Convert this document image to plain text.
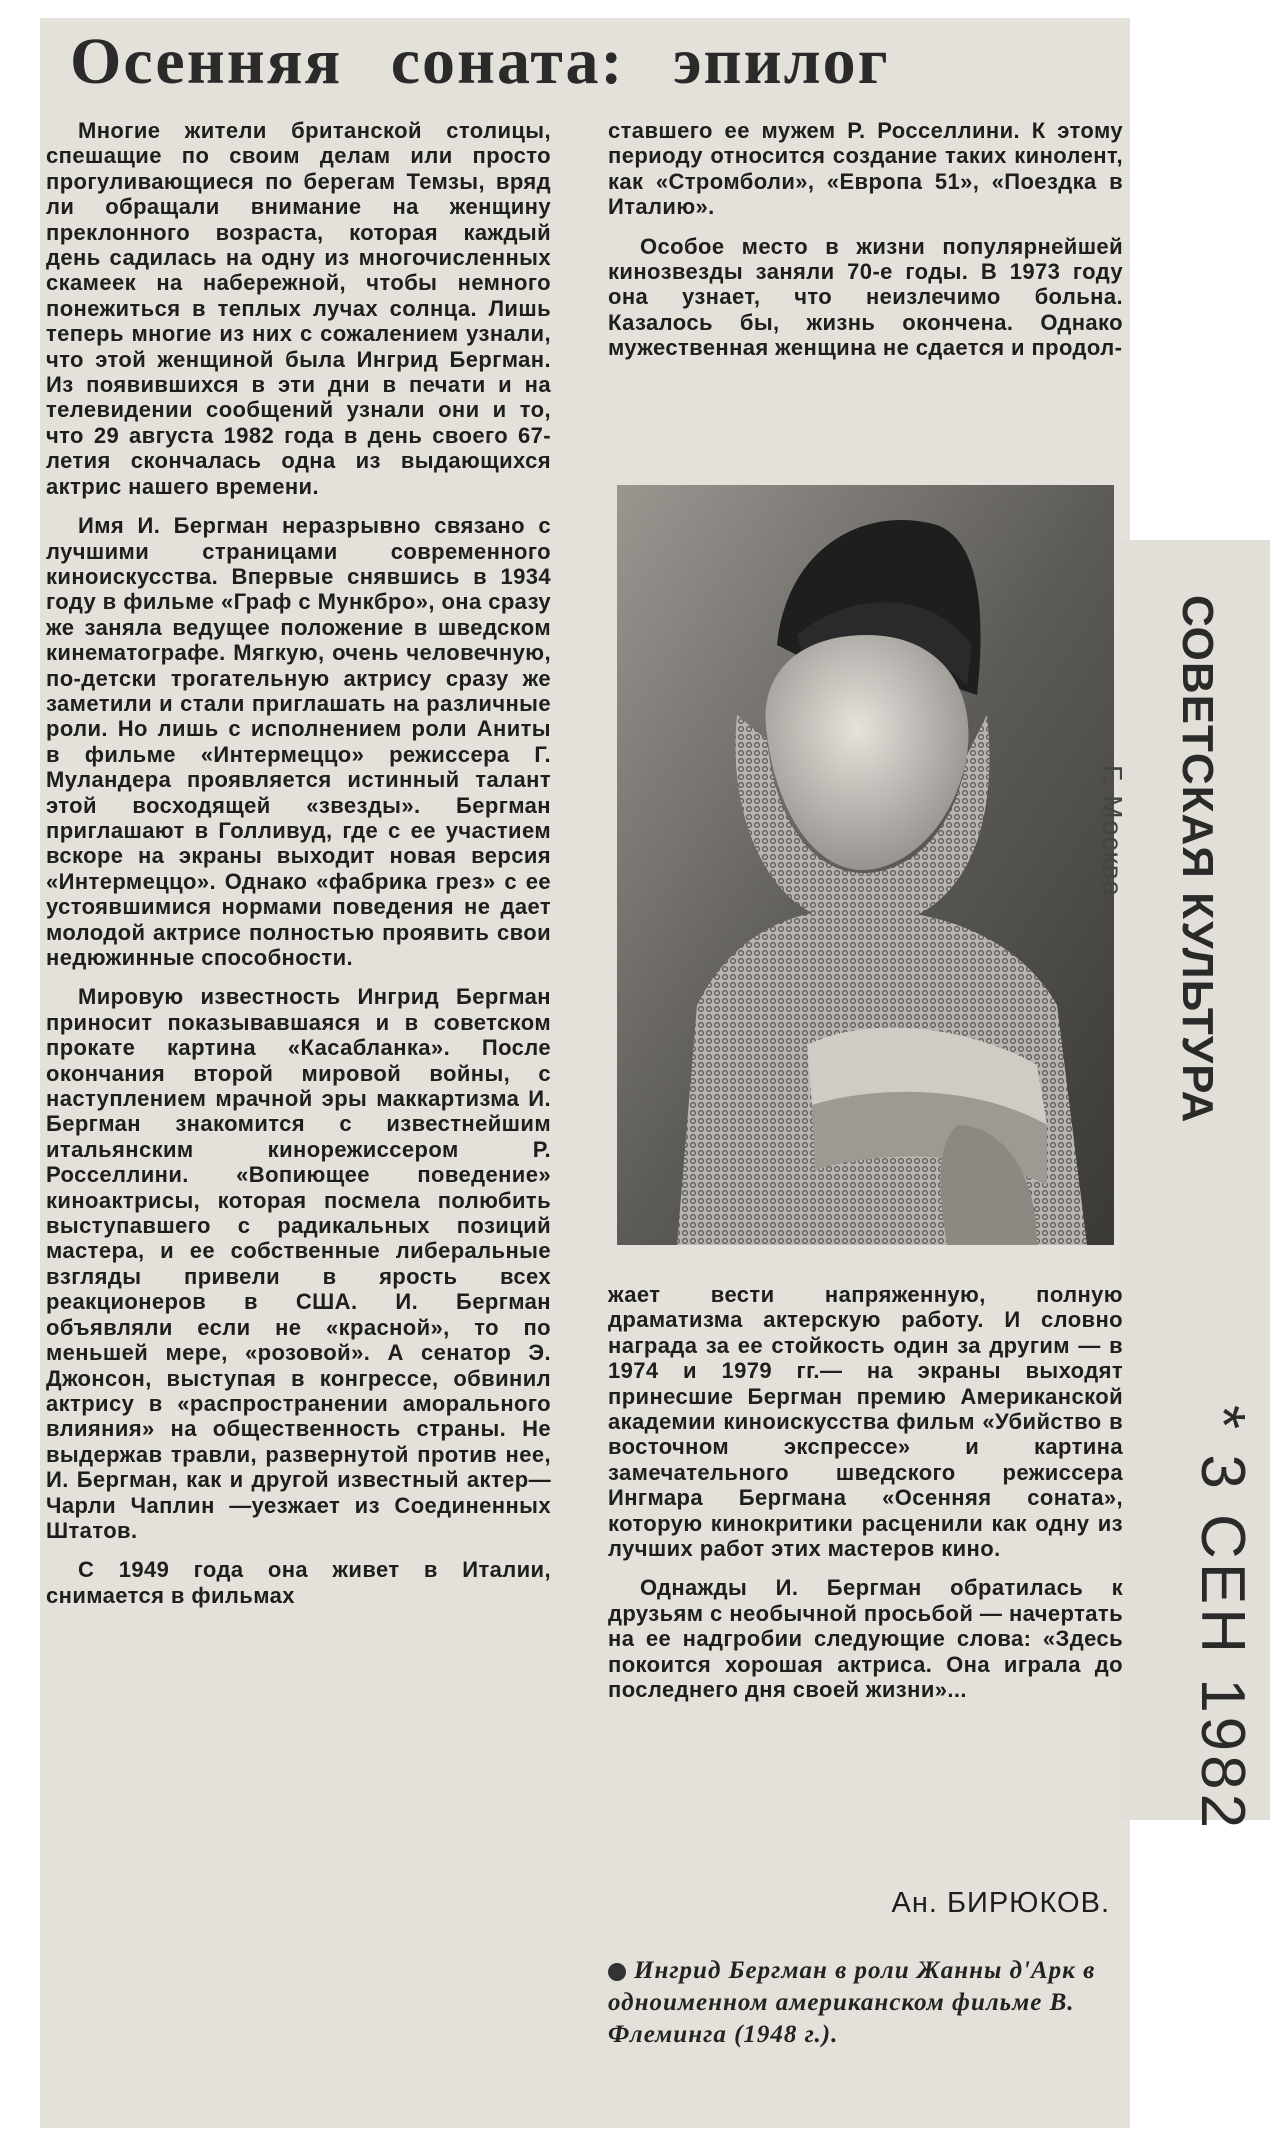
Осенняя соната: эпилог

Многие жители британской столицы, спешащие по своим делам или просто прогуливающиеся по берегам Темзы, вряд ли обращали внимание на женщину преклонного возраста, которая каждый день садилась на одну из многочисленных скамеек на набережной, чтобы немного понежиться в теплых лучах солнца. Лишь теперь многие из них с сожалением узнали, что этой женщиной была Ингрид Бергман. Из появившихся в эти дни в печати и на телевидении сообщений узнали они и то, что 29 августа 1982 года в день своего 67-летия скончалась одна из выдающихся актрис нашего времени.

Имя И. Бергман неразрывно связано с лучшими страницами современного киноискусства. Впервые снявшись в 1934 году в фильме «Граф с Мункбро», она сразу же заняла ведущее положение в шведском кинематографе. Мягкую, очень человечную, по-детски трогательную актрису сразу же заметили и стали приглашать на различные роли. Но лишь с исполнением роли Аниты в фильме «Интермеццо» режиссера Г. Муландера проявляется истинный талант этой восходящей «звезды». Бергман приглашают в Голливуд, где с ее участием вскоре на экраны выходит новая версия «Интермеццо». Однако «фабрика грез» с ее устоявшимися нормами поведения не дает молодой актрисе полностью проявить свои недюжинные способности.

Мировую известность Ингрид Бергман приносит показывавшаяся и в советском прокате картина «Касабланка». После окончания второй мировой войны, с наступлением мрачной эры маккартизма И. Бергман знакомится с известнейшим итальянским кинорежиссером Р. Росселлини. «Вопиющее поведение» киноактрисы, которая посмела полюбить выступавшего с радикальных позиций мастера, и ее собственные либеральные взгляды привели в ярость всех реакционеров в США. И. Бергман объявляли если не «красной», то по меньшей мере, «розовой». А сенатор Э. Джонсон, выступая в конгрессе, обвинил актрису в «распространении аморального влияния» на общественность страны. Не выдержав травли, развернутой против нее, И. Бергман, как и другой известный актер—Чарли Чаплин —уезжает из Соединенных Штатов.

С 1949 года она живет в Италии, снимается в фильмах

ставшего ее мужем Р. Росселлини. К этому периоду относится создание таких кинолент, как «Стромболи», «Европа 51», «Поездка в Италию».

Особое место в жизни популярнейшей кинозвезды заняли 70-е годы. В 1973 году она узнает, что неизлечимо больна. Казалось бы, жизнь окончена. Однако мужественная женщина не сдается и продол-

жает вести напряженную, полную драматизма актерскую работу. И словно награда за ее стойкость один за другим — в 1974 и 1979 гг.— на экраны выходят принесшие Бергман премию Американской академии киноискусства фильм «Убийство в восточном экспрессе» и картина замечательного шведского режиссера Ингмара Бергмана «Осенняя соната», которую кинокритики расценили как одну из лучших работ этих мастеров кино.

Однажды И. Бергман обратилась к друзьям с необычной просьбой — начертать на ее надгробии следующие слова: «Здесь покоится хорошая актриса. Она играла до последнего дня своей жизни»...

Ан. БИРЮКОВ.
Ингрид Бергман в роли Жанны д'Арк в одноименном американском фильме В. Флеминга (1948 г.).
СОВЕТСКАЯ КУЛЬТУРА
Г. Москва
* 3 СЕН 1982
